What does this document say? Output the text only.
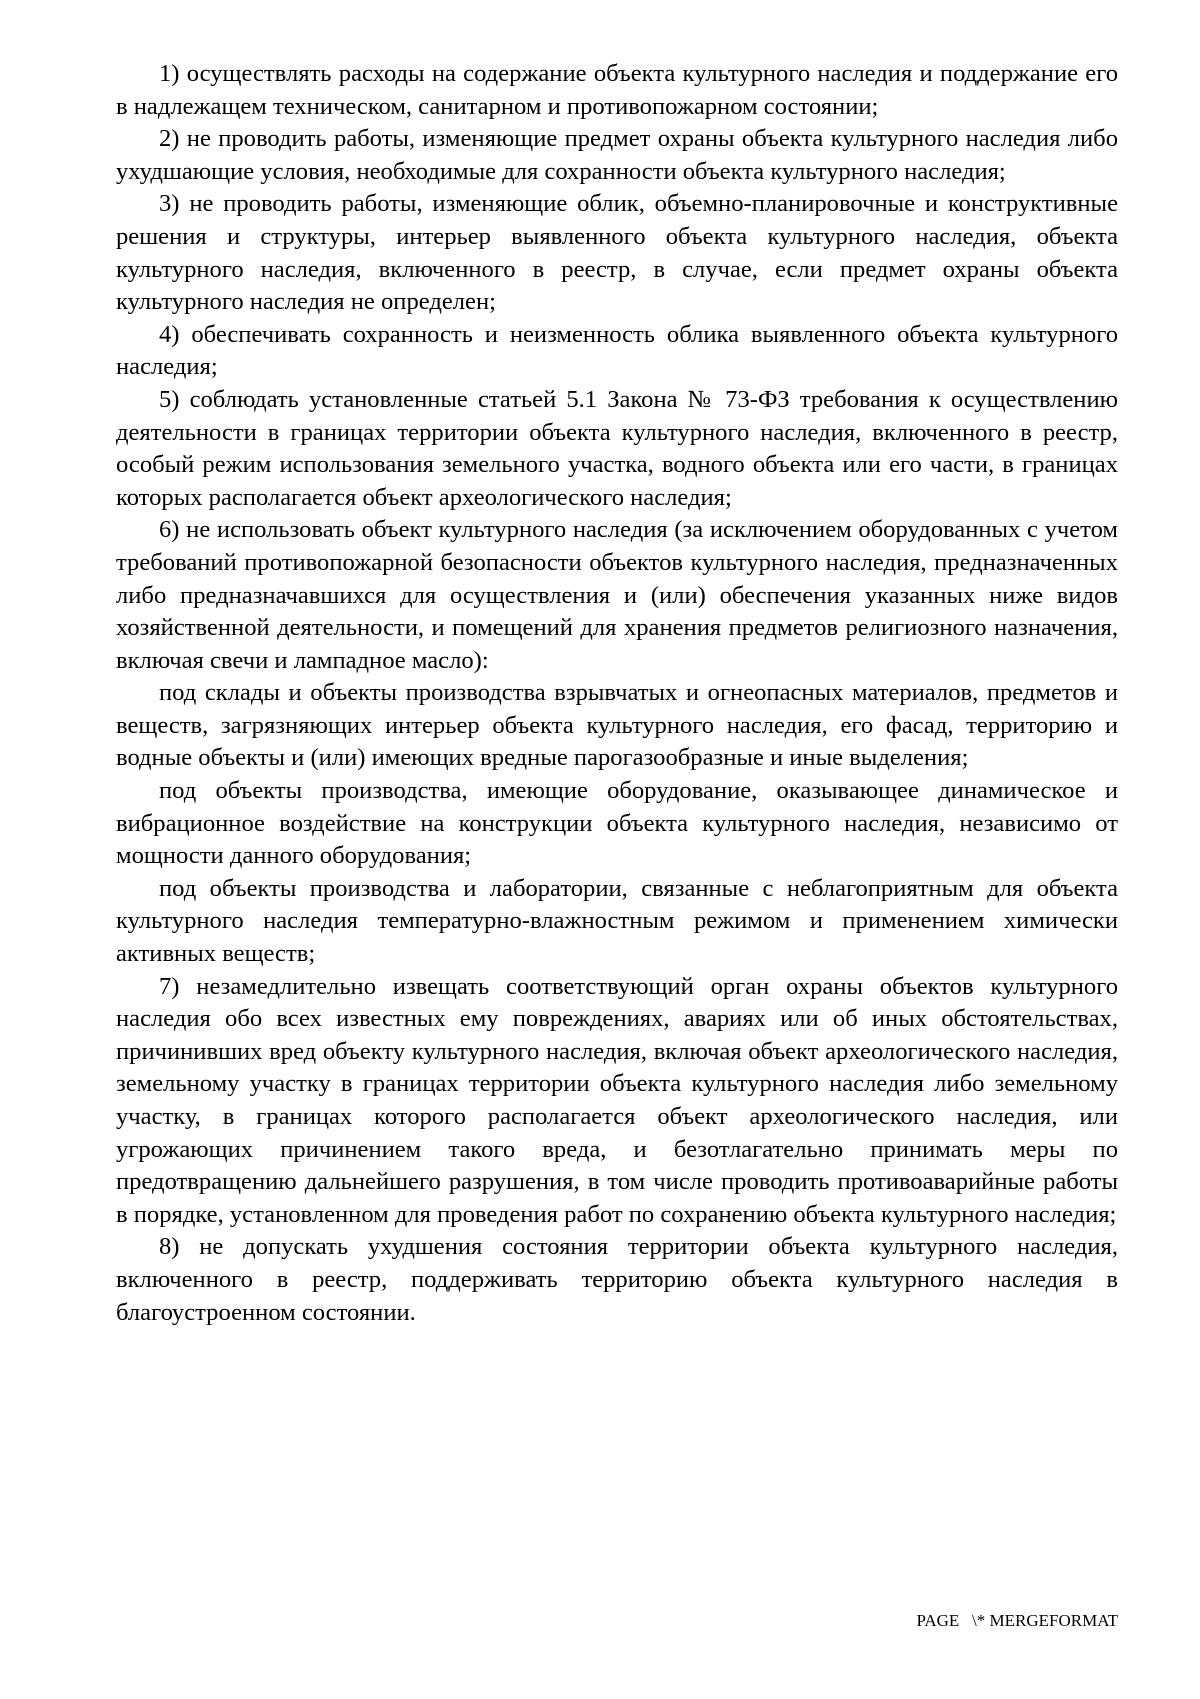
1) осуществлять расходы на содержание объекта культурного наследия и поддержание его в надлежащем техническом, санитарном и противопожарном состоянии;

2) не проводить работы, изменяющие предмет охраны объекта культурного наследия либо ухудшающие условия, необходимые для сохранности объекта культурного наследия;

3) не проводить работы, изменяющие облик, объемно-планировочные и конструктивные решения и структуры, интерьер выявленного объекта культурного наследия, объекта культурного наследия, включенного в реестр, в случае, если предмет охраны объекта культурного наследия не определен;

4) обеспечивать сохранность и неизменность облика выявленного объекта культурного наследия;

5) соблюдать установленные статьей 5.1 Закона № 73-ФЗ требования к осуществлению деятельности в границах территории объекта культурного наследия, включенного в реестр, особый режим использования земельного участка, водного объекта или его части, в границах которых располагается объект археологического наследия;

6) не использовать объект культурного наследия (за исключением оборудованных с учетом требований противопожарной безопасности объектов культурного наследия, предназначенных либо предназначавшихся для осуществления и (или) обеспечения указанных ниже видов хозяйственной деятельности, и помещений для хранения предметов религиозного назначения, включая свечи и лампадное масло):

под склады и объекты производства взрывчатых и огнеопасных материалов, предметов и веществ, загрязняющих интерьер объекта культурного наследия, его фасад, территорию и водные объекты и (или) имеющих вредные парогазообразные и иные выделения;

под объекты производства, имеющие оборудование, оказывающее динамическое и вибрационное воздействие на конструкции объекта культурного наследия, независимо от мощности данного оборудования;

под объекты производства и лаборатории, связанные с неблагоприятным для объекта культурного наследия температурно-влажностным режимом и применением химически активных веществ;

7) незамедлительно извещать соответствующий орган охраны объектов культурного наследия обо всех известных ему повреждениях, авариях или об иных обстоятельствах, причинивших вред объекту культурного наследия, включая объект археологического наследия, земельному участку в границах территории объекта культурного наследия либо земельному участку, в границах которого располагается объект археологического наследия, или угрожающих причинением такого вреда, и безотлагательно принимать меры по предотвращению дальнейшего разрушения, в том числе проводить противоаварийные работы в порядке, установленном для проведения работ по сохранению объекта культурного наследия;

8) не допускать ухудшения состояния территории объекта культурного наследия, включенного в реестр, поддерживать территорию объекта культурного наследия в благоустроенном состоянии.

PAGE   \* MERGEFORMAT
